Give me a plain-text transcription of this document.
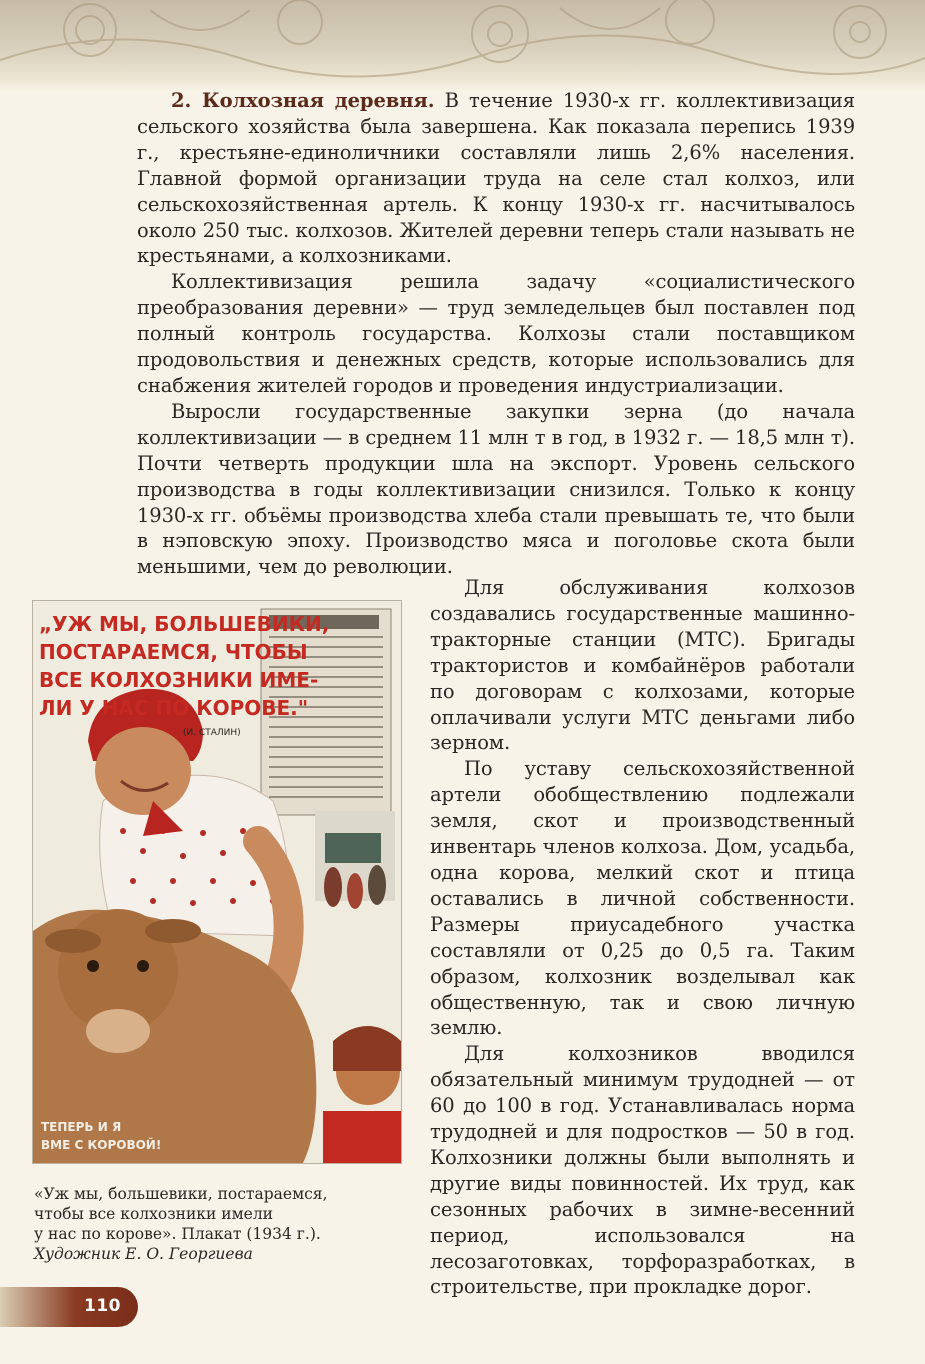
2. Колхозная деревня. В течение 1930-х гг. коллективизация сельского хозяйства была завершена. Как показала перепись 1939 г., крестьяне-единоличники составляли лишь 2,6% населения. Главной формой организации труда на селе стал колхоз, или сельскохозяйственная артель. К концу 1930-х гг. насчитывалось около 250 тыс. колхозов. Жителей деревни теперь стали называть не крестьянами, а колхозниками.

Коллективизация решила задачу «социалистического преобразования деревни» — труд земледельцев был поставлен под полный контроль государства. Колхозы стали поставщиком продовольствия и денежных средств, которые использовались для снабжения жителей городов и проведения индустриализации.

Выросли государственные закупки зерна (до начала коллективизации — в среднем 11 млн т в год, в 1932 г. — 18,5 млн т). Почти четверть продукции шла на экспорт. Уровень сельского производства в годы коллективизации снизился. Только к концу 1930-х гг. объёмы производства хлеба стали превышать те, что были в нэповскую эпоху. Производство мяса и поголовье скота были меньшими, чем до революции.

Для обслуживания колхозов создавались государственные машинно-тракторные станции (МТС). Бригады трактористов и комбайнёров работали по договорам с колхозами, которые оплачивали услуги МТС деньгами либо зерном.

По уставу сельскохозяйственной артели обобществлению подлежали земля, скот и производственный инвентарь членов колхоза. Дом, усадьба, одна корова, мелкий скот и птица оставались в личной собственности. Размеры приусадебного участка составляли от 0,25 до 0,5 га. Таким образом, колхозник возделывал как общественную, так и свою личную землю.

Для колхозников вводился обязательный минимум трудодней — от 60 до 100 в год. Устанавливалась норма трудодней и для подростков — 50 в год. Колхозники должны были выполнять и другие виды повинностей. Их труд, как сезонных рабочих в зимне-весенний период, использовался на лесозаготовках, торфоразработках, в строительстве, при прокладке дорог.

„УЖ МЫ, БОЛЬШЕВИКИ,
ПОСТАРАЕМСЯ, ЧТОБЫ
ВСЕ КОЛХОЗНИКИ ИМЕ-
ЛИ У НАС ПО КОРОВЕ."
(И. СТАЛИН)
ТЕПЕРЬ И Я
ВМЕ С КОРОВОЙ!
«Уж мы, большевики, постараемся,
чтобы все колхозники имели
у нас по корове». Плакат (1934 г.).
Художник Е. О. Георгиева
110
